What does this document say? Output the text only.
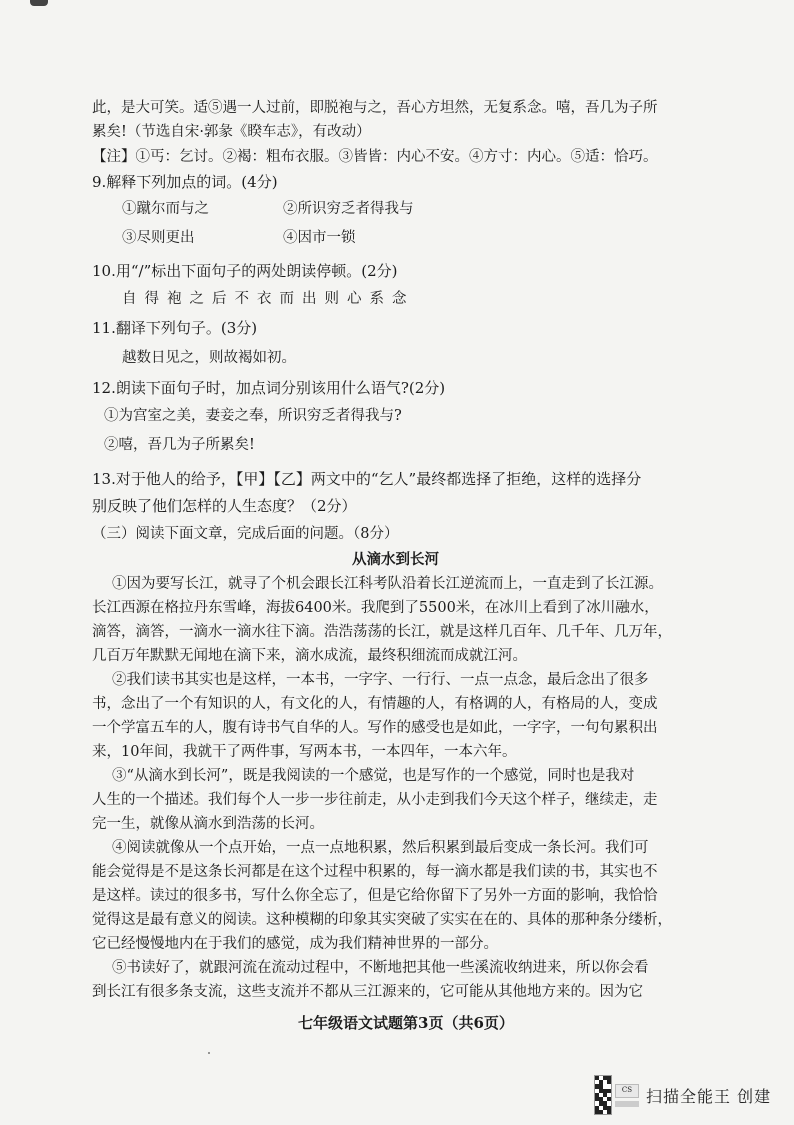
此，是大可笑。适⑤遇一人过前，即脱袍与之，吾心方坦然，无复系念。嘻，吾几为子所
累矣!（节选自宋·郭彖《睽车志》，有改动）
【注】①丐：乞讨。②褐：粗布衣服。③皆皆：内心不安。④方寸：内心。⑤适：恰巧。
9.解释下列加点的词。(4分)
①蹴尔而与之	②所识穷乏者得我与
③尽则更出	④因市一锁
10.用“/”标出下面句子的两处朗读停顿。(2分)
自得袍之后不衣而出则心系念
11.翻译下列句子。(3分)
越数日见之，则故褐如初。
12.朗读下面句子时，加点词分别该用什么语气?(2分)
①为宫室之美，妻妾之奉，所识穷乏者得我与?
②嘻，吾几为子所累矣!
13.对于他人的给予，【甲】【乙】两文中的“乞人”最终都选择了拒绝，这样的选择分
别反映了他们怎样的人生态度？（2分）
（三）阅读下面文章，完成后面的问题。（8分）
从滴水到长河
①因为要写长江，就寻了个机会跟长江科考队沿着长江逆流而上，一直走到了长江源。
长江西源在格拉丹东雪峰，海拔6400米。我爬到了5500米，在冰川上看到了冰川融水，
滴答，滴答，一滴水一滴水往下滴。浩浩荡荡的长江，就是这样几百年、几千年、几万年，
几百万年默默无闻地在滴下来，滴水成流，最终积细流而成就江河。
②我们读书其实也是这样，一本书，一字字、一行行、一点一点念，最后念出了很多
书，念出了一个有知识的人，有文化的人，有情趣的人，有格调的人，有格局的人，变成
一个学富五车的人，腹有诗书气自华的人。写作的感受也是如此，一字字，一句句累积出
来，10年间，我就干了两件事，写两本书，一本四年，一本六年。
③“从滴水到长河”，既是我阅读的一个感觉，也是写作的一个感觉，同时也是我对
人生的一个描述。我们每个人一步一步往前走，从小走到我们今天这个样子，继续走，走
完一生，就像从滴水到浩荡的长河。
④阅读就像从一个点开始，一点一点地积累，然后积累到最后变成一条长河。我们可
能会觉得是不是这条长河都是在这个过程中积累的，每一滴水都是我们读的书，其实也不
是这样。读过的很多书，写什么你全忘了，但是它给你留下了另外一方面的影响，我恰恰
觉得这是最有意义的阅读。这种模糊的印象其实突破了实实在在的、具体的那种条分缕析，
它已经慢慢地内在于我们的感觉，成为我们精神世界的一部分。
⑤书读好了，就跟河流在流动过程中，不断地把其他一些溪流收纳进来，所以你会看
到长江有很多条支流，这些支流并不都从三江源来的，它可能从其他地方来的。因为它
七年级语文试题第3页（共6页）
CS 扫描全能王 创建
